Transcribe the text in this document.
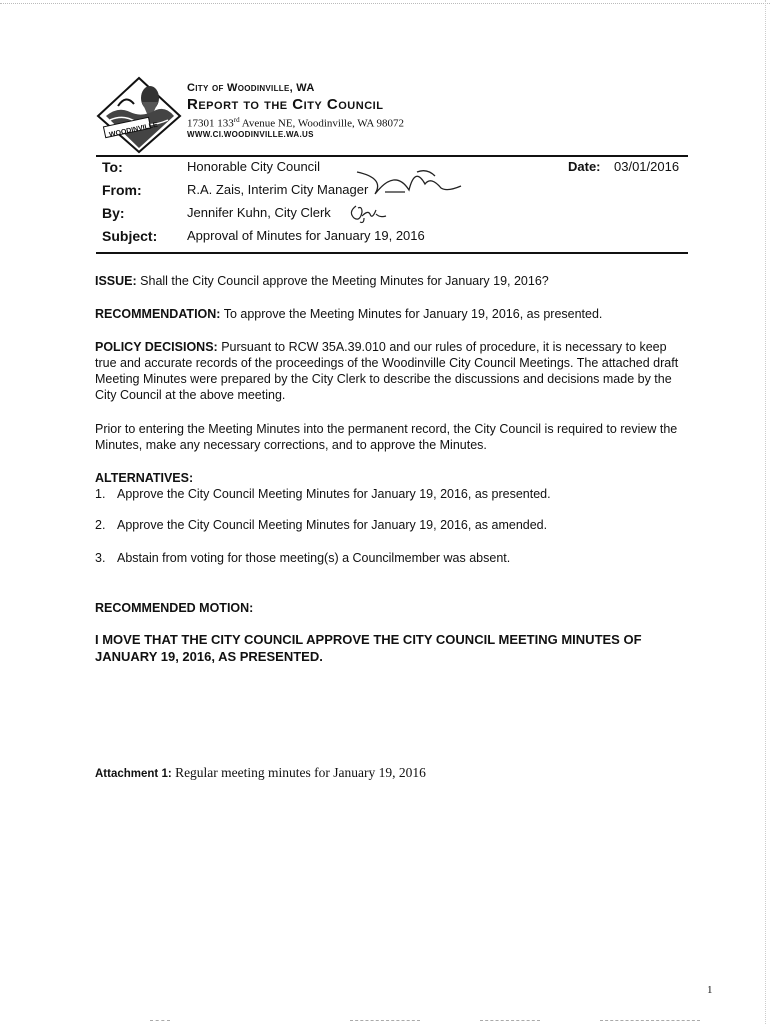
WOODINVILLE
City of Woodinville, WA
Report to the City Council
17301 133rd Avenue NE, Woodinville, WA 98072
WWW.CI.WOODINVILLE.WA.US
To:	Honorable City Council	Date: 03/01/2016
From:	R.A. Zais, Interim City Manager
By:	Jennifer Kuhn, City Clerk
Subject: Approval of Minutes for January 19, 2016
ISSUE: Shall the City Council approve the Meeting Minutes for January 19, 2016?
RECOMMENDATION: To approve the Meeting Minutes for January 19, 2016, as presented.
POLICY DECISIONS: Pursuant to RCW 35A.39.010 and our rules of procedure, it is necessary to keep true and accurate records of the proceedings of the Woodinville City Council Meetings. The attached draft Meeting Minutes were prepared by the City Clerk to describe the discussions and decisions made by the City Council at the above meeting.
Prior to entering the Meeting Minutes into the permanent record, the City Council is required to review the Minutes, make any necessary corrections, and to approve the Minutes.
ALTERNATIVES:
1. Approve the City Council Meeting Minutes for January 19, 2016, as presented.
2. Approve the City Council Meeting Minutes for January 19, 2016, as amended.
3. Abstain from voting for those meeting(s) a Councilmember was absent.
RECOMMENDED MOTION:
I MOVE THAT THE CITY COUNCIL APPROVE THE CITY COUNCIL MEETING MINUTES OF JANUARY 19, 2016, AS PRESENTED.
Attachment 1: Regular meeting minutes for January 19, 2016
1
